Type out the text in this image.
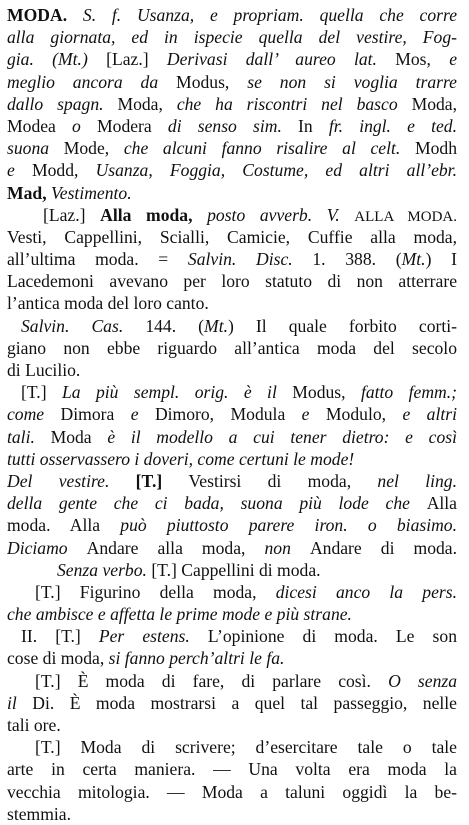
MODA. S. f. Usanza, e propriam. quella che corre
alla giornata, ed in ispecie quella del vestire, Fog-
gia. (Mt.) [Laz.] Derivasi dall’ aureo lat. Mos, e
meglio ancora da Modus, se non si voglia trarre
dallo spagn. Moda, che ha riscontri nel basco Moda,
Modea o Modera di senso sim. In fr. ingl. e ted.
suona Mode, che alcuni fanno risalire al celt. Modh
e Modd, Usanza, Foggia, Costume, ed altri all’ebr.
Mad, Vestimento.
[Laz.] Alla moda, posto avverb. V. ALLA MODA.
Vesti, Cappellini, Scialli, Camicie, Cuffie alla moda,
all’ultima moda. = Salvin. Disc. 1. 388. (Mt.) I
Lacedemoni avevano per loro statuto di non atterrare
l’antica moda del loro canto.
Salvin. Cas. 144. (Mt.) Il quale forbito corti-
giano non ebbe riguardo all’antica moda del secolo
di Lucilio.
[T.] La più sempl. orig. è il Modus, fatto femm.;
come Dimora e Dimoro, Modula e Modulo, e altri
tali. Moda è il modello a cui tener dietro: e così
tutti osservassero i doveri, come certuni le mode!
Del vestire. [T.] Vestirsi di moda, nel ling.
della gente che ci bada, suona più lode che Alla
moda. Alla può piuttosto parere iron. o biasimo.
Diciamo Andare alla moda, non Andare di moda.
Senza verbo. [T.] Cappellini di moda.
[T.] Figurino della moda, dicesi anco la pers.
che ambisce e affetta le prime mode e più strane.
II. [T.] Per estens. L’opinione di moda. Le son
cose di moda, si fanno perch’altri le fa.
[T.] È moda di fare, di parlare così. O senza
il Di. È moda mostrarsi a quel tal passeggio, nelle
tali ore.
[T.] Moda di scrivere; d’esercitare tale o tale
arte in certa maniera. — Una volta era moda la
vecchia mitologia. — Moda a taluni oggidì la be-
stemmia.
